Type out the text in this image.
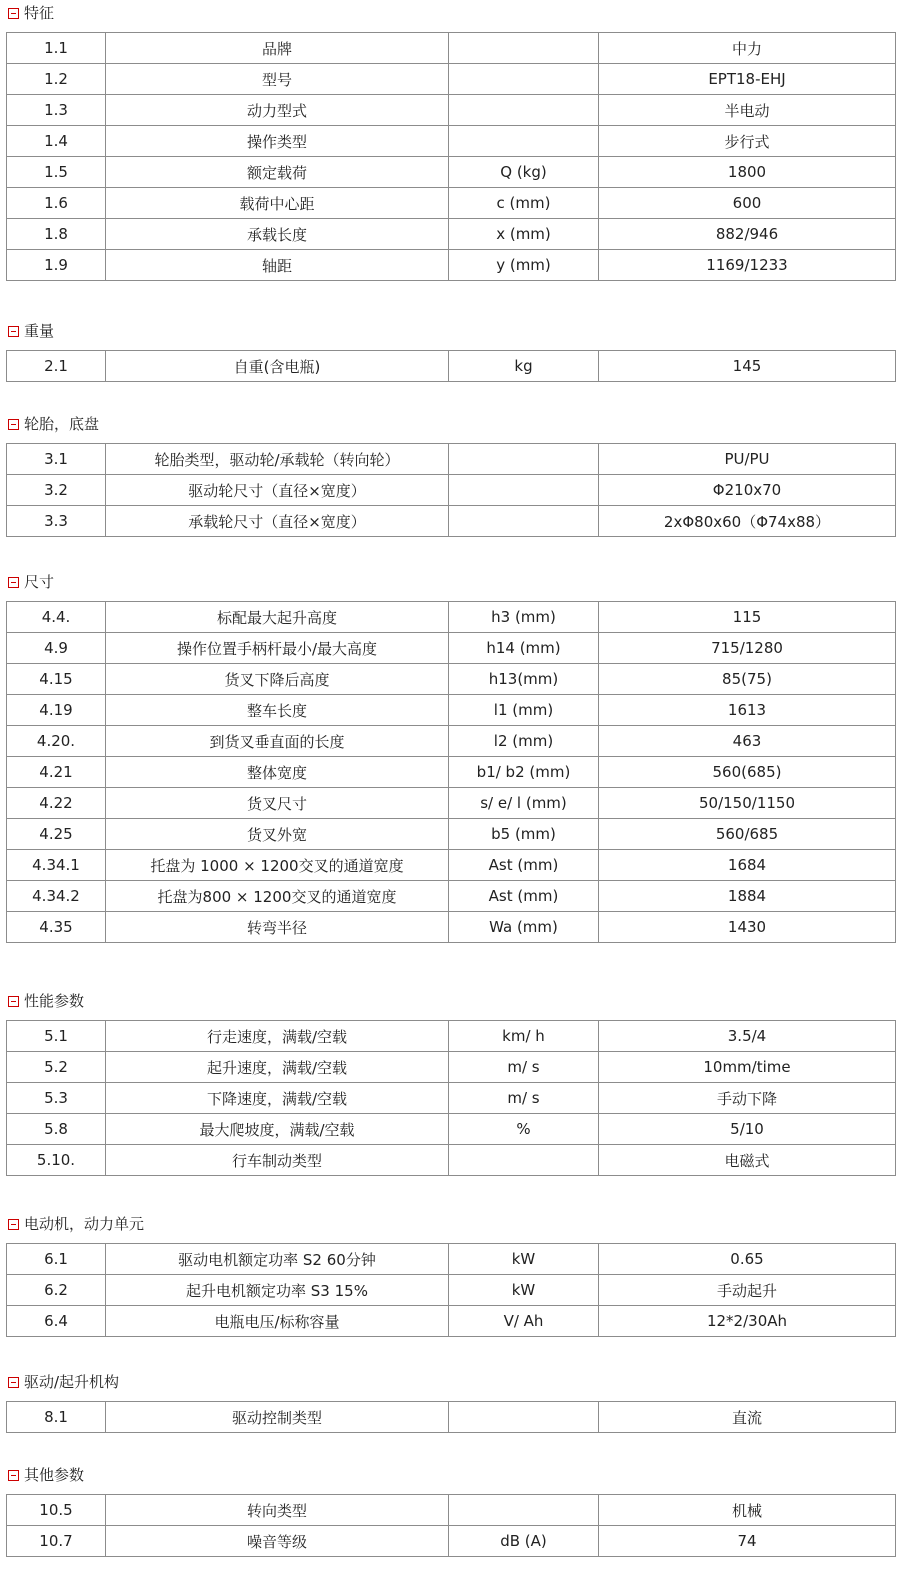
特征
1.1	品牌		中力
1.2	型号		EPT18-EHJ
1.3	动力型式		半电动
1.4	操作类型		步行式
1.5	额定载荷	Q (kg)	1800
1.6	载荷中心距	c (mm)	600
1.8	承载长度	x (mm)	882/946
1.9	轴距	y (mm)	1169/1233
重量
2.1	自重(含电瓶)	kg	145
轮胎，底盘
3.1	轮胎类型，驱动轮/承载轮（转向轮）		PU/PU
3.2	驱动轮尺寸（直径×宽度）		Φ210x70
3.3	承载轮尺寸（直径×宽度）		2xΦ80x60（Φ74x88）
尺寸
4.4.	标配最大起升高度	h3 (mm)	115
4.9	操作位置手柄杆最小/最大高度	h14 (mm)	715/1280
4.15	货叉下降后高度	h13(mm)	85(75)
4.19	整车长度	l1 (mm)	1613
4.20.	到货叉垂直面的长度	l2 (mm)	463
4.21	整体宽度	b1/ b2 (mm)	560(685)
4.22	货叉尺寸	s/ e/ l (mm)	50/150/1150
4.25	货叉外宽	b5 (mm)	560/685
4.34.1	托盘为 1000 × 1200交叉的通道宽度	Ast (mm)	1684
4.34.2	托盘为800 × 1200交叉的通道宽度	Ast (mm)	1884
4.35	转弯半径	Wa (mm)	1430
性能参数
5.1	行走速度，满载/空载	km/ h	3.5/4
5.2	起升速度，满载/空载	m/ s	10mm/time
5.3	下降速度，满载/空载	m/ s	手动下降
5.8	最大爬坡度，满载/空载	%	5/10
5.10.	行车制动类型		电磁式
电动机，动力单元
6.1	驱动电机额定功率 S2 60分钟	kW	0.65
6.2	起升电机额定功率 S3 15%	kW	手动起升
6.4	电瓶电压/标称容量	V/ Ah	12*2/30Ah
驱动/起升机构
8.1	驱动控制类型		直流
其他参数
10.5	转向类型		机械
10.7	噪音等级	dB (A)	74
